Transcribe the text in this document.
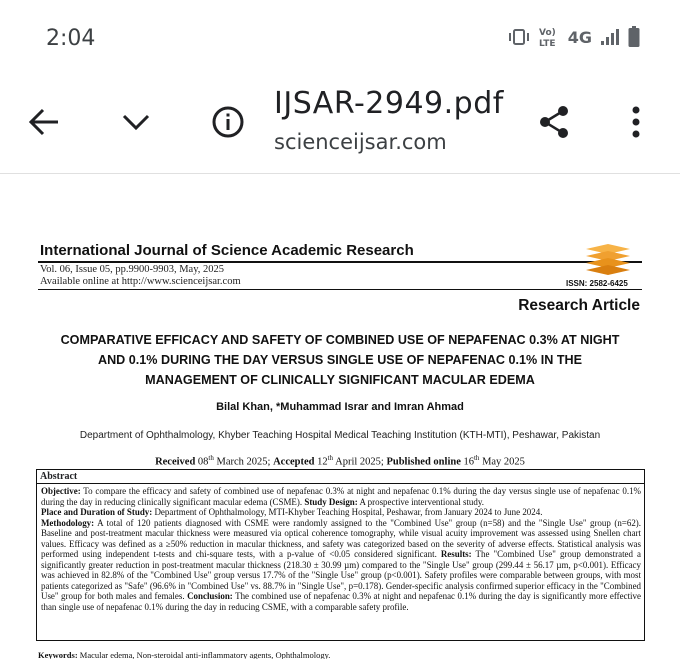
2:04	Vo)
LTE 4G
IJSAR-2949.pdf
scienceijsar.com
International Journal of Science Academic Research
Vol. 06, Issue 05, pp.9900-9903, May, 2025
Available online at http://www.scienceijsar.com	ISSN: 2582-6425
Research Article
COMPARATIVE EFFICACY AND SAFETY OF COMBINED USE OF NEPAFENAC 0.3% AT NIGHT
AND 0.1% DURING THE DAY VERSUS SINGLE USE OF NEPAFENAC 0.1% IN THE
MANAGEMENT OF CLINICALLY SIGNIFICANT MACULAR EDEMA
Bilal Khan, *Muhammad Israr and Imran Ahmad
Department of Ophthalmology, Khyber Teaching Hospital Medical Teaching Institution (KTH-MTI), Peshawar, Pakistan
Received 08th March 2025; Accepted 12th April 2025; Published online 16th May 2025
Abstract
Objective: To compare the efficacy and safety of combined use of nepafenac 0.3% at night and nepafenac 0.1% during the day versus single use of nepafenac 0.1% during the day in reducing clinically significant macular edema (CSME). Study Design: A prospective interventional study.
Place and Duration of Study: Department of Ophthalmology, MTI-Khyber Teaching Hospital, Peshawar, from January 2024 to June 2024.
Methodology: A total of 120 patients diagnosed with CSME were randomly assigned to the "Combined Use" group (n=58) and the "Single Use" group (n=62). Baseline and post-treatment macular thickness were measured via optical coherence tomography, while visual acuity improvement was assessed using Snellen chart values. Efficacy was defined as a ≥50% reduction in macular thickness, and safety was categorized based on the severity of adverse effects. Statistical analysis was performed using independent t-tests and chi-square tests, with a p-value of <0.05 considered significant. Results: The "Combined Use" group demonstrated a significantly greater reduction in post-treatment macular thickness (218.30 ± 30.99 µm) compared to the "Single Use" group (299.44 ± 56.17 µm, p<0.001). Efficacy was achieved in 82.8% of the "Combined Use" group versus 17.7% of the "Single Use" group (p<0.001). Safety profiles were comparable between groups, with most patients categorized as "Safe" (96.6% in "Combined Use" vs. 88.7% in "Single Use", p=0.178). Gender-specific analysis confirmed superior efficacy in the "Combined Use" group for both males and females. Conclusion: The combined use of nepafenac 0.3% at night and nepafenac 0.1% during the day is significantly more effective than single use of nepafenac 0.1% during the day in reducing CSME, with a comparable safety profile.
Keywords: Macular edema, Non-steroidal anti-inflammatory agents, Ophthalmology.
